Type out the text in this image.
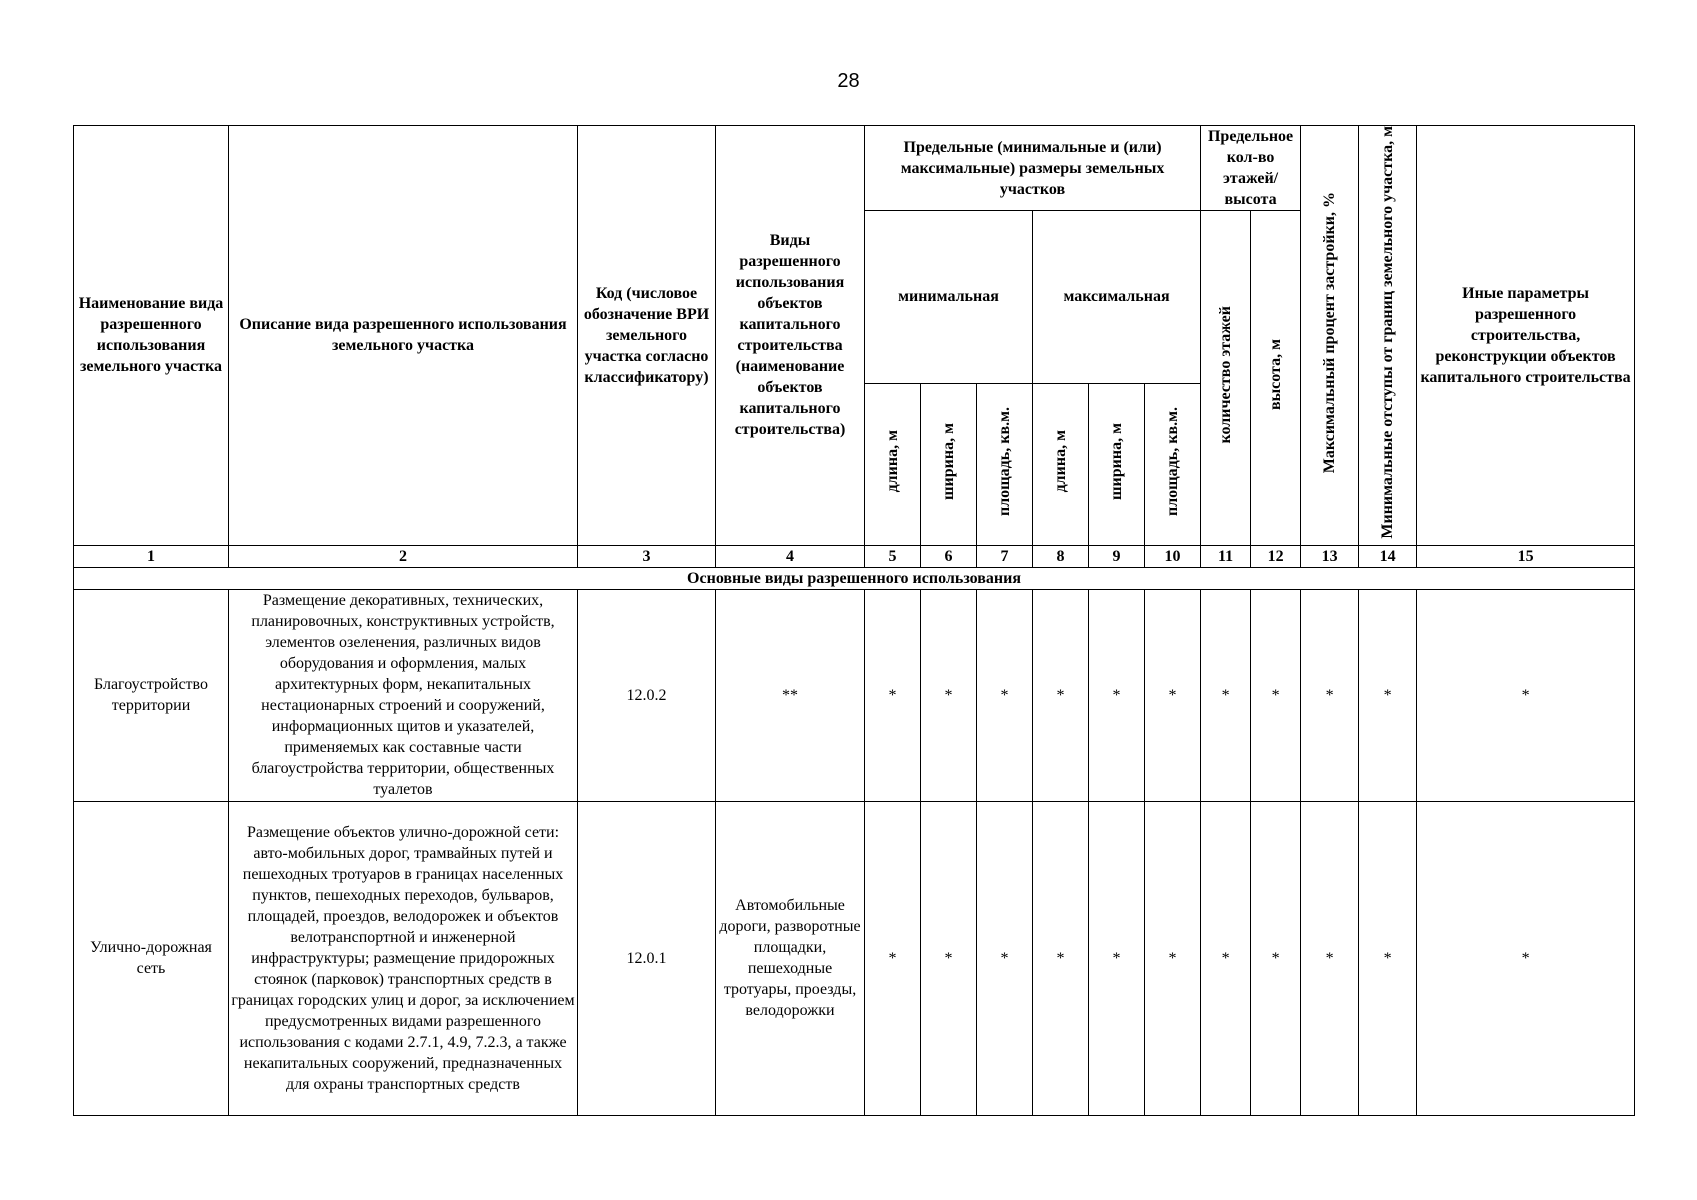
28
Наименование вида разрешенного использования земельного участка	Описание вида разрешенного использования земельного участка	Код (числовое обозначение ВРИ земельного участка согласно классификатору)	Виды разрешенного использования объектов капитального строительства (наименование объектов капитального строительства)	Предельные (минимальные и (или) максимальные) размеры земельных участков						Предельное кол-во этажей/ высота		Максимальный процент застройки, %	Минимальные отступы от границ земельного участка, м	Иные параметры разрешенного строительства, реконструкции объектов капитального строительства
				минимальная			максимальная			количество этажей	высота, м			
				длина, м	ширина, м	площадь, кв.м.	длина, м	ширина, м	площадь, кв.м.					
1	2	3	4	5	6	7	8	9	10	11	12	13	14	15
Основные виды разрешенного использования														
Благоустройство территории	Размещение декоративных, технических, планировочных, конструктивных устройств, элементов озеленения, различных видов оборудования и оформления, малых архитектурных форм, некапитальных нестационарных строений и сооружений, информационных щитов и указателей, применяемых как составные части благоустройства территории, общественных туалетов	12.0.2	**	*	*	*	*	*	*	*	*	*	*	*
Улично-дорожная сеть	Размещение объектов улично-дорожной сети: авто-мобильных дорог, трамвайных путей и пешеходных тротуаров в границах населенных пунктов, пешеходных переходов, бульваров, площадей, проездов, велодорожек и объектов велотранспортной и инженерной инфраструктуры; размещение придорожных стоянок (парковок) транспортных средств в границах городских улиц и дорог, за исключением предусмотренных видами разрешенного использования с кодами 2.7.1, 4.9, 7.2.3, а также некапитальных сооружений, предназначенных для охраны транспортных средств	12.0.1	Автомобильные дороги, разворотные площадки, пешеходные тротуары, проезды, велодорожки	*	*	*	*	*	*	*	*	*	*	*
